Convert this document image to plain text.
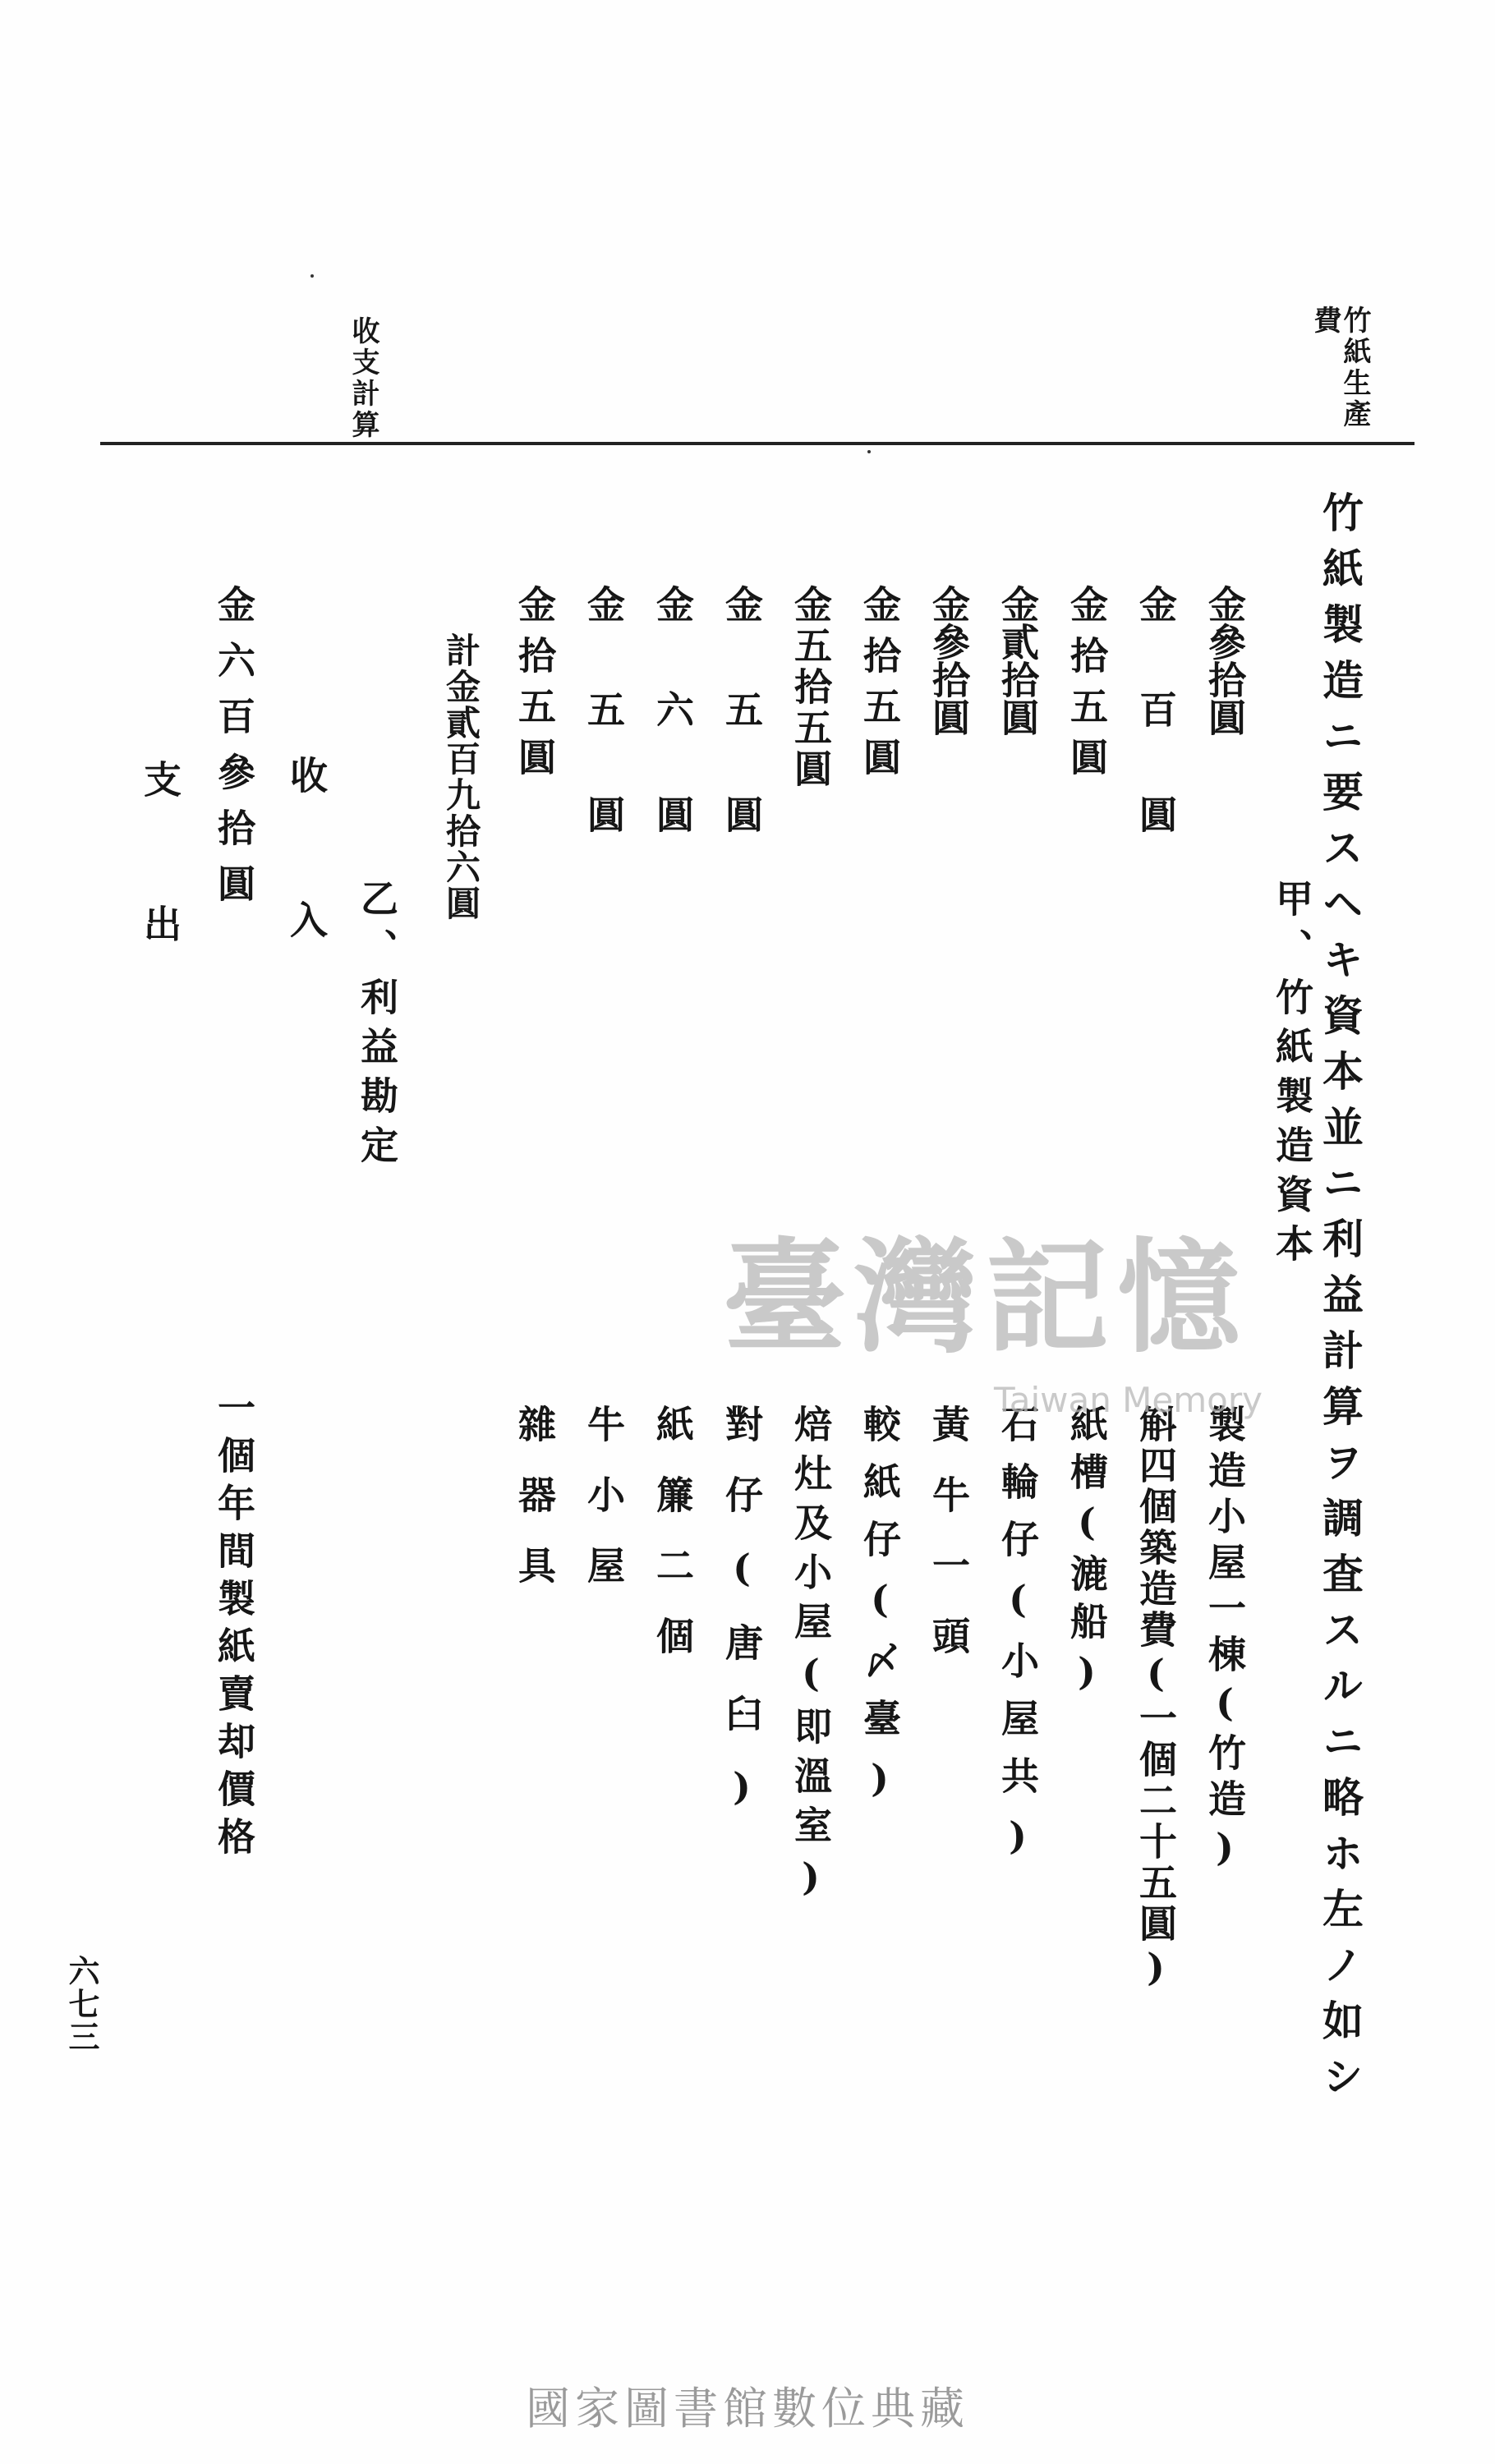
竹紙生產
費
收支計算
竹紙製造ニ要スヘキ資本並ニ利益計算ヲ調査スルニ略ホ左ノ如シ
甲、竹紙製造資本
金參拾圓
金百圓
金拾五圓
金貳拾圓
金參拾圓
金拾五圓
金五拾五圓
金五圓
金六圓
金五圓
金拾五圓
製造小屋一棟(竹造)
斛四個築造費(一個二十五圓)
紙槽(漉船)
石輪仔(小屋共)
黃牛一頭
較紙仔(〆臺)
焙灶及小屋(即溫室)
對仔(唐臼)
紙簾二個
牛小屋
雜器具
計金貳百九拾六圓
乙、利益勘定
收入
金六百參拾圓
一個年間製紙賣却價格
支出
六七三
臺灣記憶
Taiwan Memory
國家圖書館數位典藏
